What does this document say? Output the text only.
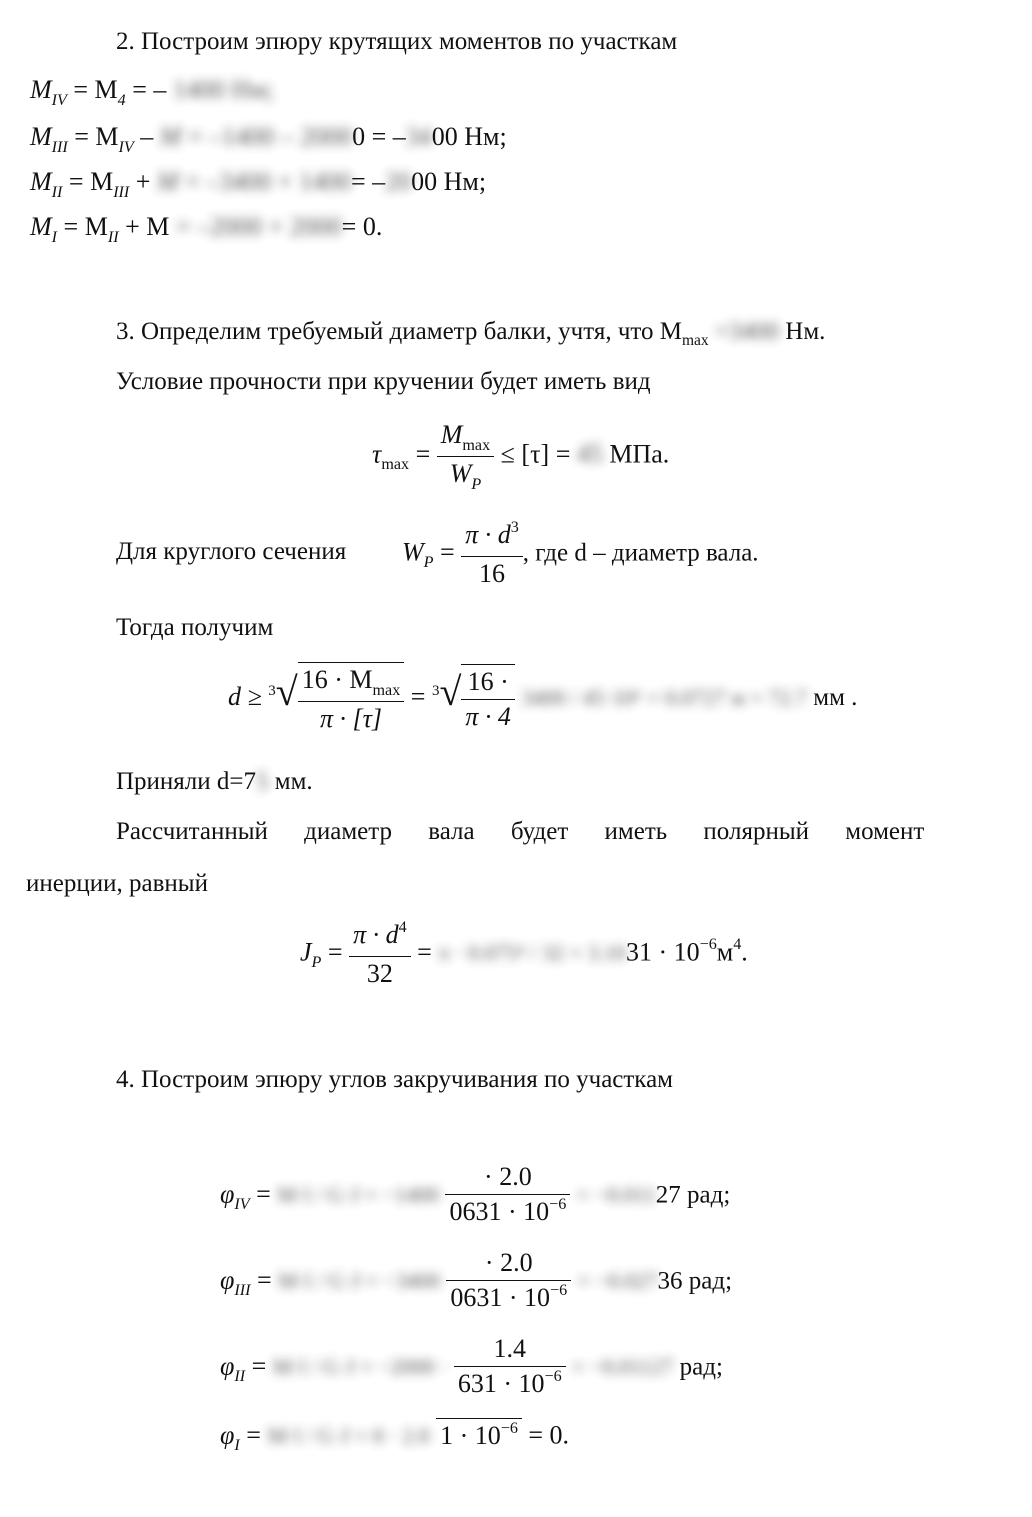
2. Построим эпюру крутящих моментов по участкам
$M_{IV} = M_4$ = – 1400 Нм;
$M_{III} = M_{IV} - M = -1400 - 20000 = -3400$ Нм;
$M_{II} = M_{III} + M = -3400 + 1400= -2000$ Нм;
$M_I = M_{II} + M = -2000 + 2000= 0$.
3. Определим требуемый диаметр балки, учтя, что $M_{max} =3400$ Нм.
Условие прочности при кручении будет иметь вид
$\tau_{max} = \frac{M_{max}}{W_P} \le [\tau] = 45$ МПа.
Для круглого сечения $W_P = \frac{\pi \cdot d^3}{16}$ , где d – диаметр вала.
Тогда получим
$d \ge ^3√ \frac{16 \cdot M_{max}}{\pi \cdot [\tau]} = ^3√ \frac{16 \cdot}{\pi \cdot 4} 3400 / 45\cdot 10^6 = 0.0727$ м = 72.7 мм .
Приняли d=75 мм.
Рассчитанный диаметр вала будет иметь полярный момент
инерции, равный
$J_P = \frac{\pi \cdot d^4}{32} = \pi \cdot 0.075^4 / 32 = 3.1031 \cdot 10^{-6}м^4$.
4. Построим эпюру углов закручивания по участкам
$\varphi_{IV} = M\cdot l / G\cdot J = -1400 \frac{\cdot 2.0}{0631 \cdot 10^{-6}} = -0.01127$ рад;
$\varphi_{III} = M\cdot l / G\cdot J = -3400 \frac{\cdot 2.0}{0631 \cdot 10^{-6}} = -0.02736$ рад;
$\varphi_{II} = M\cdot l / G\cdot J = -2000 \cdot \frac{1.4}{631 \cdot 10^{-6}} = -0.01127$ рад;
$\varphi_I = M\cdot l / G\cdot J = 0 \cdot 2.0$ $1 \cdot 10^{-6} = 0$.
